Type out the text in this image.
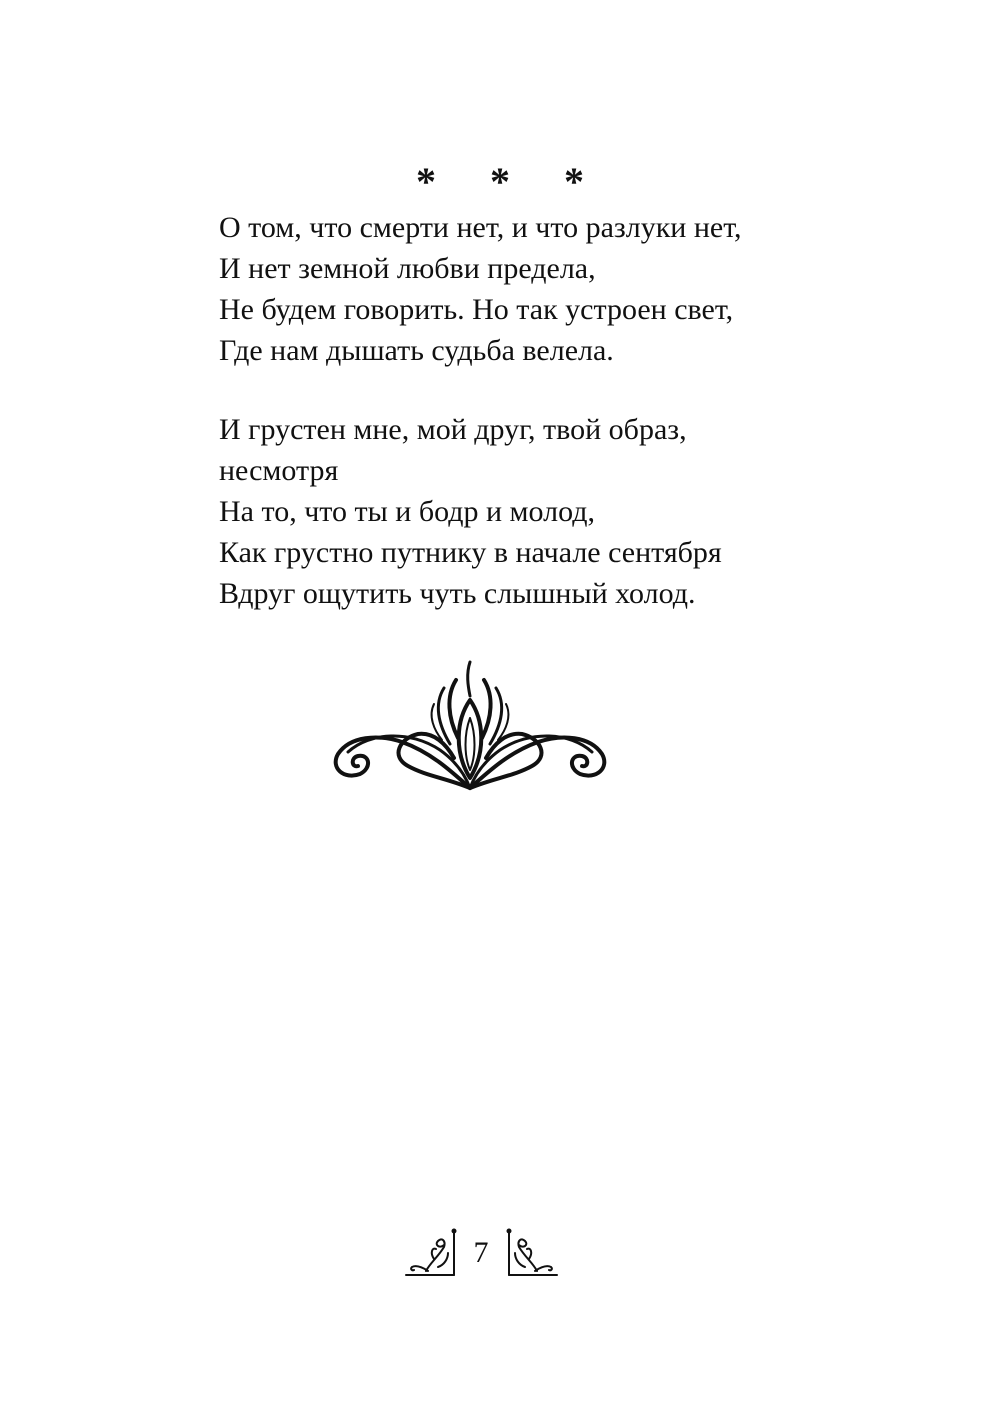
* * *
О том, что смерти нет, и что разлуки нет,
И нет земной любви предела,
Не будем говорить. Но так устроен свет,
Где нам дышать судьба велела.
И грустен мне, мой друг, твой образ,
несмотря
На то, что ты и бодр и молод,
Как грустно путнику в начале сентября
Вдруг ощутить чуть слышный холод.
7
